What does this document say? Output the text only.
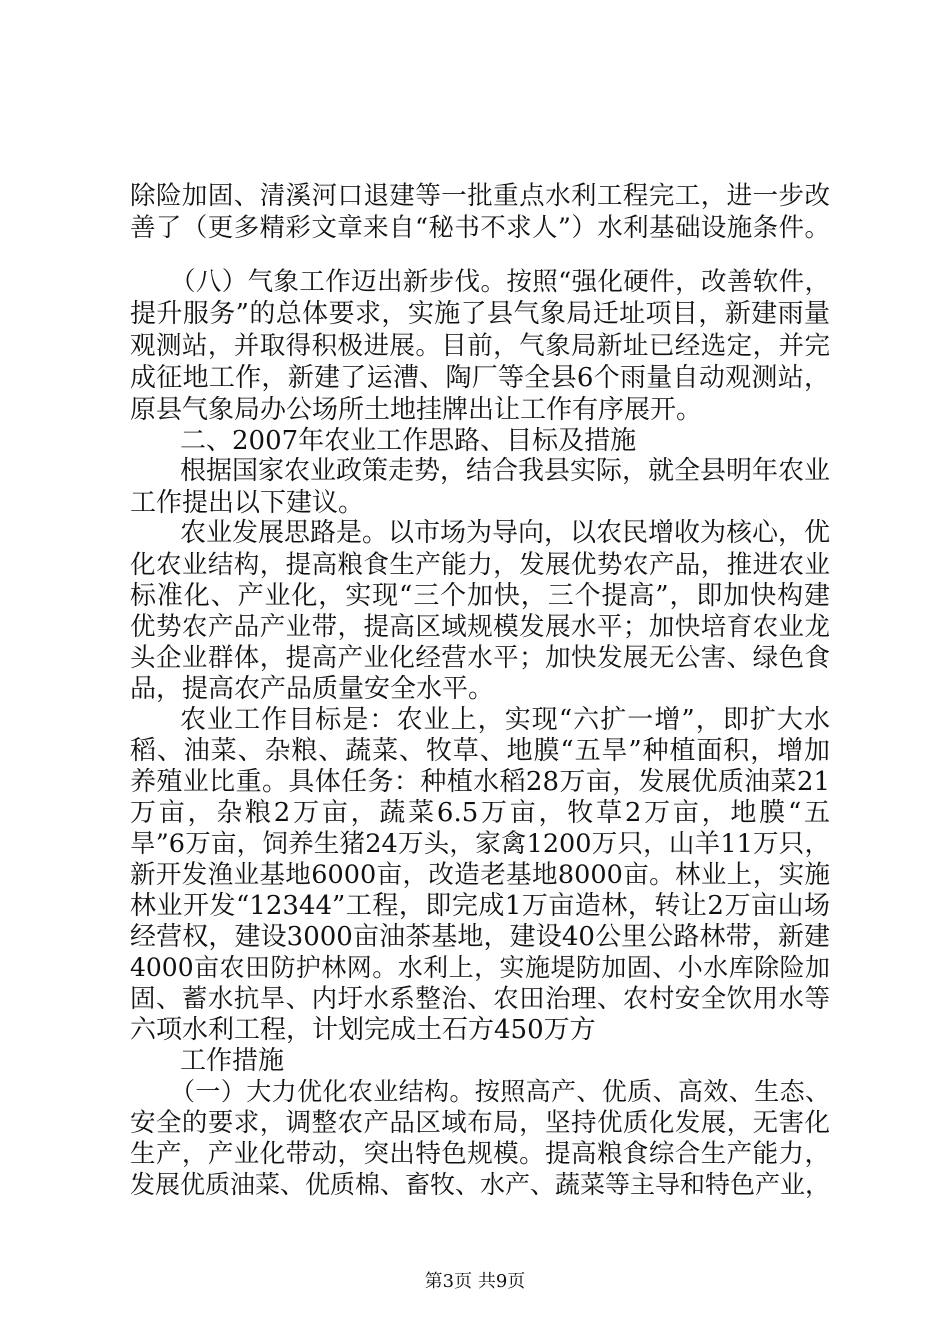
除险加固、清溪河口退建等一批重点水利工程完工，进一步改
善了（更多精彩文章来自“秘书不求人”）水利基础设施条件。
（八）气象工作迈出新步伐。按照“强化硬件，改善软件，
提升服务”的总体要求，实施了县气象局迁址项目，新建雨量
观测站，并取得积极进展。目前，气象局新址已经选定，并完
成征地工作，新建了运漕、陶厂等全县6个雨量自动观测站，
原县气象局办公场所土地挂牌出让工作有序展开。
二、2007年农业工作思路、目标及措施
根据国家农业政策走势，结合我县实际，就全县明年农业
工作提出以下建议。
农业发展思路是。以市场为导向，以农民增收为核心，优
化农业结构，提高粮食生产能力，发展优势农产品，推进农业
标准化、产业化，实现“三个加快，三个提高”，即加快构建
优势农产品产业带，提高区域规模发展水平；加快培育农业龙
头企业群体，提高产业化经营水平；加快发展无公害、绿色食
品，提高农产品质量安全水平。
农业工作目标是：农业上，实现“六扩一增”，即扩大水
稻、油菜、杂粮、蔬菜、牧草、地膜“五旱”种植面积，增加
养殖业比重。具体任务：种植水稻28万亩，发展优质油菜21
万亩，杂粮2万亩，蔬菜6.5万亩，牧草2万亩，地膜“五
旱”6万亩，饲养生猪24万头，家禽1200万只，山羊11万只，
新开发渔业基地6000亩，改造老基地8000亩。林业上，实施
林业开发“12344”工程，即完成1万亩造林，转让2万亩山场
经营权，建设3000亩油茶基地，建设40公里公路林带，新建
4000亩农田防护林网。水利上，实施堤防加固、小水库除险加
固、蓄水抗旱、内圩水系整治、农田治理、农村安全饮用水等
六项水利工程，计划完成土石方450万方
工作措施
（一）大力优化农业结构。按照高产、优质、高效、生态、
安全的要求，调整农产品区域布局，坚持优质化发展，无害化
生产，产业化带动，突出特色规模。提高粮食综合生产能力，
发展优质油菜、优质棉、畜牧、水产、蔬菜等主导和特色产业，
第3页 共9页
